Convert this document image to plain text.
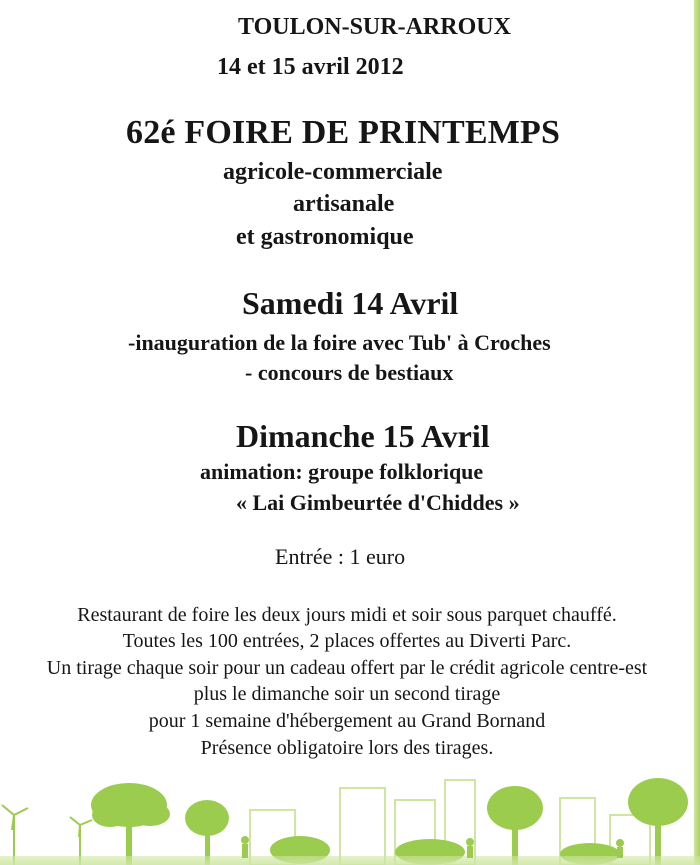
TOULON-SUR-ARROUX

14 et 15 avril 2012

62é FOIRE DE PRINTEMPS

agricole-commerciale

artisanale

et gastronomique

Samedi 14 Avril

-inauguration de la foire avec Tub' à Croches

- concours de bestiaux

Dimanche 15 Avril

animation: groupe folklorique

« Lai Gimbeurtée d'Chiddes »

Entrée : 1 euro

Restaurant de foire les deux jours midi et soir sous parquet chauffé.

Toutes les 100 entrées, 2 places offertes au Diverti Parc.

Un tirage chaque soir pour un cadeau offert par le crédit agricole centre-est

plus le dimanche soir un second tirage

pour 1 semaine d'hébergement au Grand Bornand

Présence obligatoire lors des tirages.
